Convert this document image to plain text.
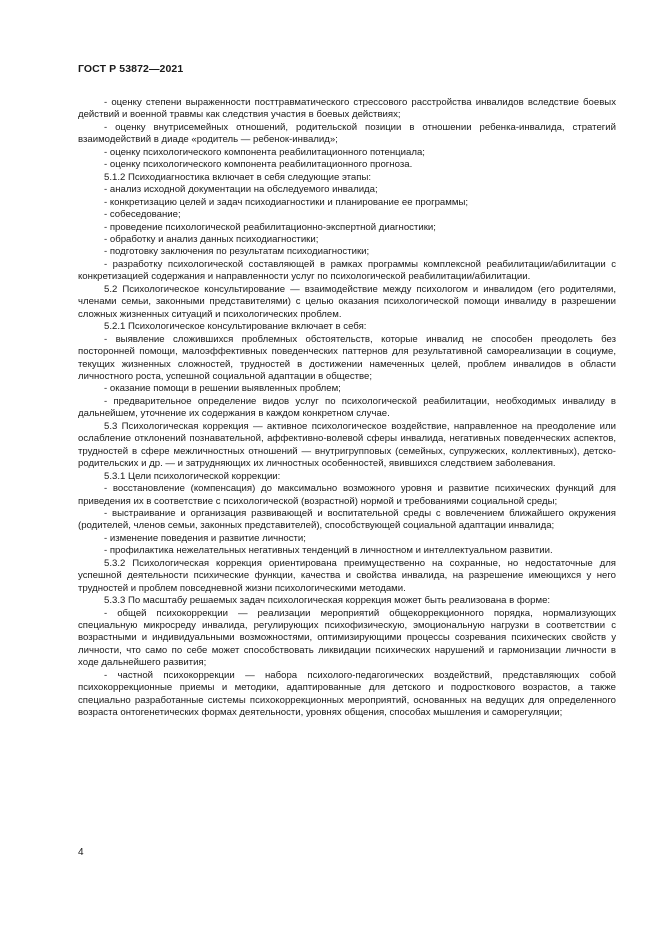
ГОСТ Р 53872—2021

- оценку степени выраженности посттравматического стрессового расстройства инвалидов вследствие боевых действий и военной травмы как следствия участия в боевых действиях;

- оценку внутрисемейных отношений, родительской позиции в отношении ребенка-инвалида, стратегий взаимодействий в диаде «родитель — ребенок-инвалид»;

- оценку психологического компонента реабилитационного потенциала;

- оценку психологического компонента реабилитационного прогноза.

5.1.2 Психодиагностика включает в себя следующие этапы:

- анализ исходной документации на обследуемого инвалида;

- конкретизацию целей и задач психодиагностики и планирование ее программы;

- собеседование;

- проведение психологической реабилитационно-экспертной диагностики;

- обработку и анализ данных психодиагностики;

- подготовку заключения по результатам психодиагностики;

- разработку психологической составляющей в рамках программы комплексной реабилитации/абилитации с конкретизацией содержания и направленности услуг по психологической реабилитации/абилитации.

5.2 Психологическое консультирование — взаимодействие между психологом и инвалидом (его родителями, членами семьи, законными представителями) с целью оказания психологической помощи инвалиду в разрешении сложных жизненных ситуаций и психологических проблем.

5.2.1 Психологическое консультирование включает в себя:

- выявление сложившихся проблемных обстоятельств, которые инвалид не способен преодолеть без посторонней помощи, малоэффективных поведенческих паттернов для результативной самореализации в социуме, текущих жизненных сложностей, трудностей в достижении намеченных целей, проблем инвалидов в области личностного роста, успешной социальной адаптации в обществе;

- оказание помощи в решении выявленных проблем;

- предварительное определение видов услуг по психологической реабилитации, необходимых инвалиду в дальнейшем, уточнение их содержания в каждом конкретном случае.

5.3 Психологическая коррекция — активное психологическое воздействие, направленное на преодоление или ослабление отклонений познавательной, аффективно-волевой сферы инвалида, негативных поведенческих аспектов, трудностей в сфере межличностных отношений — внутригрупповых (семейных, супружеских, коллективных), детско-родительских и др. — и затрудняющих их личностных особенностей, явившихся следствием заболевания.

5.3.1 Цели психологической коррекции:

- восстановление (компенсация) до максимально возможного уровня и развитие психических функций для приведения их в соответствие с психологической (возрастной) нормой и требованиями социальной среды;

- выстраивание и организация развивающей и воспитательной среды с вовлечением ближайшего окружения (родителей, членов семьи, законных представителей), способствующей социальной адаптации инвалида;

- изменение поведения и развитие личности;

- профилактика нежелательных негативных тенденций в личностном и интеллектуальном развитии.

5.3.2 Психологическая коррекция ориентирована преимущественно на сохранные, но недостаточные для успешной деятельности психические функции, качества и свойства инвалида, на разрешение имеющихся у него трудностей и проблем повседневной жизни психологическими методами.

5.3.3 По масштабу решаемых задач психологическая коррекция может быть реализована в форме:

- общей психокоррекции — реализации мероприятий общекоррекционного порядка, нормализующих специальную микросреду инвалида, регулирующих психофизическую, эмоциональную нагрузки в соответствии с возрастными и индивидуальными возможностями, оптимизирующими процессы созревания психических свойств у личности, что само по себе может способствовать ликвидации психических нарушений и гармонизации личности в ходе дальнейшего развития;

- частной психокоррекции — набора психолого-педагогических воздействий, представляющих собой психокоррекционные приемы и методики, адаптированные для детского и подросткового возрастов, а также специально разработанные системы психокоррекционных мероприятий, основанных на ведущих для определенного возраста онтогенетических формах деятельности, уровнях общения, способах мышления и саморегуляции;

4
